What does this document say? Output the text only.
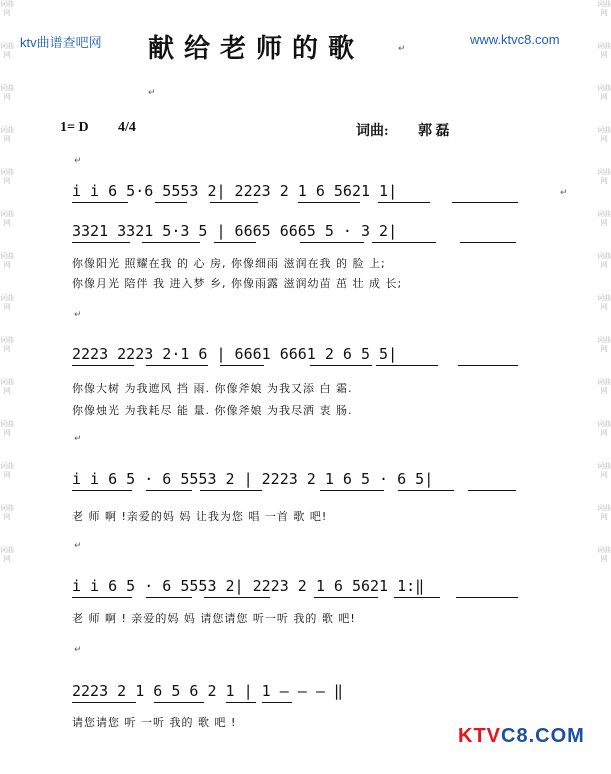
词曲网
词曲网
词曲网
词曲网
词曲网
词曲网
词曲网
词曲网
词曲网
词曲网
词曲网
词曲网
词曲网
词曲网
词曲网
词曲网
词曲网
词曲网
词曲网
词曲网
词曲网
词曲网
词曲网
词曲网
词曲网
词曲网
词曲网
词曲网
ktv曲谱查吧网	www.ktvc8.com
献给老师的歌	↵
↵
1= D 4/4	词曲: 郭 磊
↵
i i 6 5·6 5553 2| 2223 2 1 6 5621 1|	↵
3321 3321 5·3 5 | 6665 6665 5 · 3 2|
你像阳光 照耀在我 的 心 房, 你像细雨 滋润在我 的 脸 上;
你像月光 陪伴 我 进入梦 乡, 你像雨露 滋润幼苗 茁 壮 成 长;
↵
2223 2223 2·1 6 | 6661 6661 2 6 5 5|
你像大树 为我遮风 挡 雨. 你像斧娘 为我又添 白 霜.
你像烛光 为我耗尽 能 量. 你像斧娘 为我尽洒 衷 肠.
↵
i i 6 5 · 6 5553 2 | 2223 2 1 6 5 · 6 5|
老 师 啊 !亲爱的妈 妈 让我为您 唱 一首 歌 吧!
↵
i i 6 5 · 6 5553 2| 2223 2 1 6 5621 1:‖
老 师 啊 ! 亲爱的妈 妈 请您请您 听一听 我的 歌 吧!
↵
2223 2 1 6 5 6 2 1 | 1 — — — ‖
请您请您 听 一听 我的 歌 吧 !
KTVC8.COM
